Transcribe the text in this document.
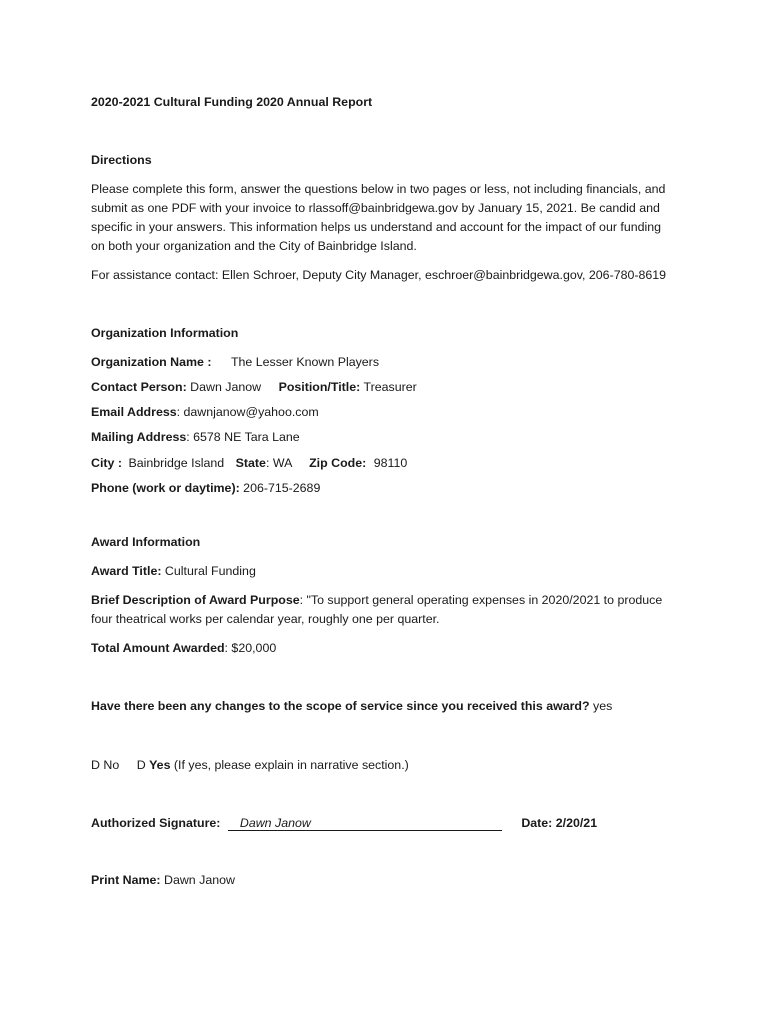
2020-2021 Cultural Funding 2020 Annual Report
Directions
Please complete this form, answer the questions below in two pages or less, not including financials, and
submit as one PDF with your invoice to rlassoff@bainbridgewa.gov by January 15, 2021. Be candid and
specific in your answers. This information helps us understand and account for the impact of our funding
on both your organization and the City of Bainbridge Island.
For assistance contact: Ellen Schroer, Deputy City Manager, eschroer@bainbridgewa.gov, 206-780-8619
Organization Information
Organization Name : The Lesser Known Players
Contact Person: Dawn Janow Position/Title: Treasurer
Email Address: dawnjanow@yahoo.com
Mailing Address: 6578 NE Tara Lane
City : Bainbridge Island State: WA Zip Code: 98110
Phone (work or daytime): 206-715-2689
Award Information
Award Title: Cultural Funding
Brief Description of Award Purpose: "To support general operating expenses in 2020/2021 to produce
four theatrical works per calendar year, roughly one per quarter.
Total Amount Awarded: $20,000
Have there been any changes to the scope of service since you received this award? yes
D No D Yes (If yes, please explain in narrative section.)
Authorized Signature: Dawn Janow	Date: 2/20/21
Print Name: Dawn Janow
